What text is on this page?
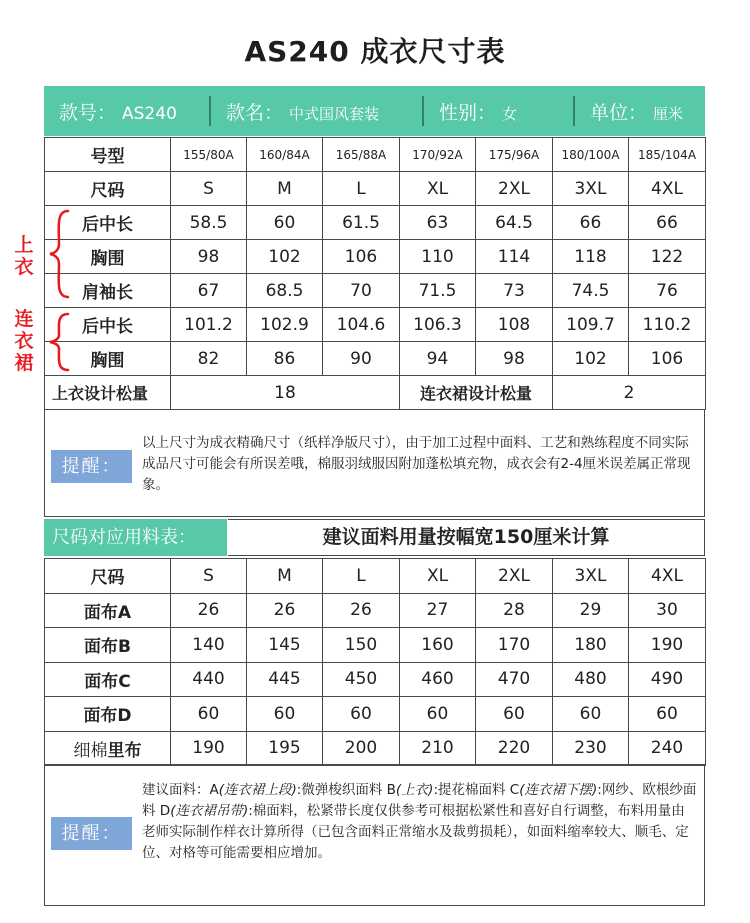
AS240 成衣尺寸表
款号： AS240	款名： 中式国风套装	性别： 女	单位： 厘米
号型	155/80A	160/84A	165/88A	170/92A	175/96A	180/100A	185/104A
尺码	S	M	L	XL	2XL	3XL	4XL
后中长	58.5	60	61.5	63	64.5	66	66
胸围	98	102	106	110	114	118	122
肩袖长	67	68.5	70	71.5	73	74.5	76
后中长	101.2	102.9	104.6	106.3	108	109.7	110.2
胸围	82	86	90	94	98	102	106
上衣设计松量	18			连衣裙设计松量		2	
上衣
连衣裙
提醒：
以上尺寸为成衣精确尺寸（纸样净版尺寸），由于加工过程中面料、工艺和熟练程度不同实际成品尺寸可能会有所误差哦，棉服羽绒服因附加蓬松填充物，成衣会有2-4厘米误差属正常现象。
尺码对应用料表：	建议面料用量按幅宽150厘米计算
尺码	S	M	L	XL	2XL	3XL	4XL
面布A	26	26	26	27	28	29	30
面布B	140	145	150	160	170	180	190
面布C	440	445	450	460	470	480	490
面布D	60	60	60	60	60	60	60
细棉里布	190	195	200	210	220	230	240
提醒：
建议面料：A(连衣裙上段):微弹梭织面料 B(上衣):提花棉面料 C(连衣裙下摆):网纱、欧根纱面料 D(连衣裙吊带):棉面料，松紧带长度仅供参考可根据松紧性和喜好自行调整，布料用量由老师实际制作样衣计算所得（已包含面料正常缩水及裁剪损耗），如面料缩率较大、顺毛、定位、对格等可能需要相应增加。
